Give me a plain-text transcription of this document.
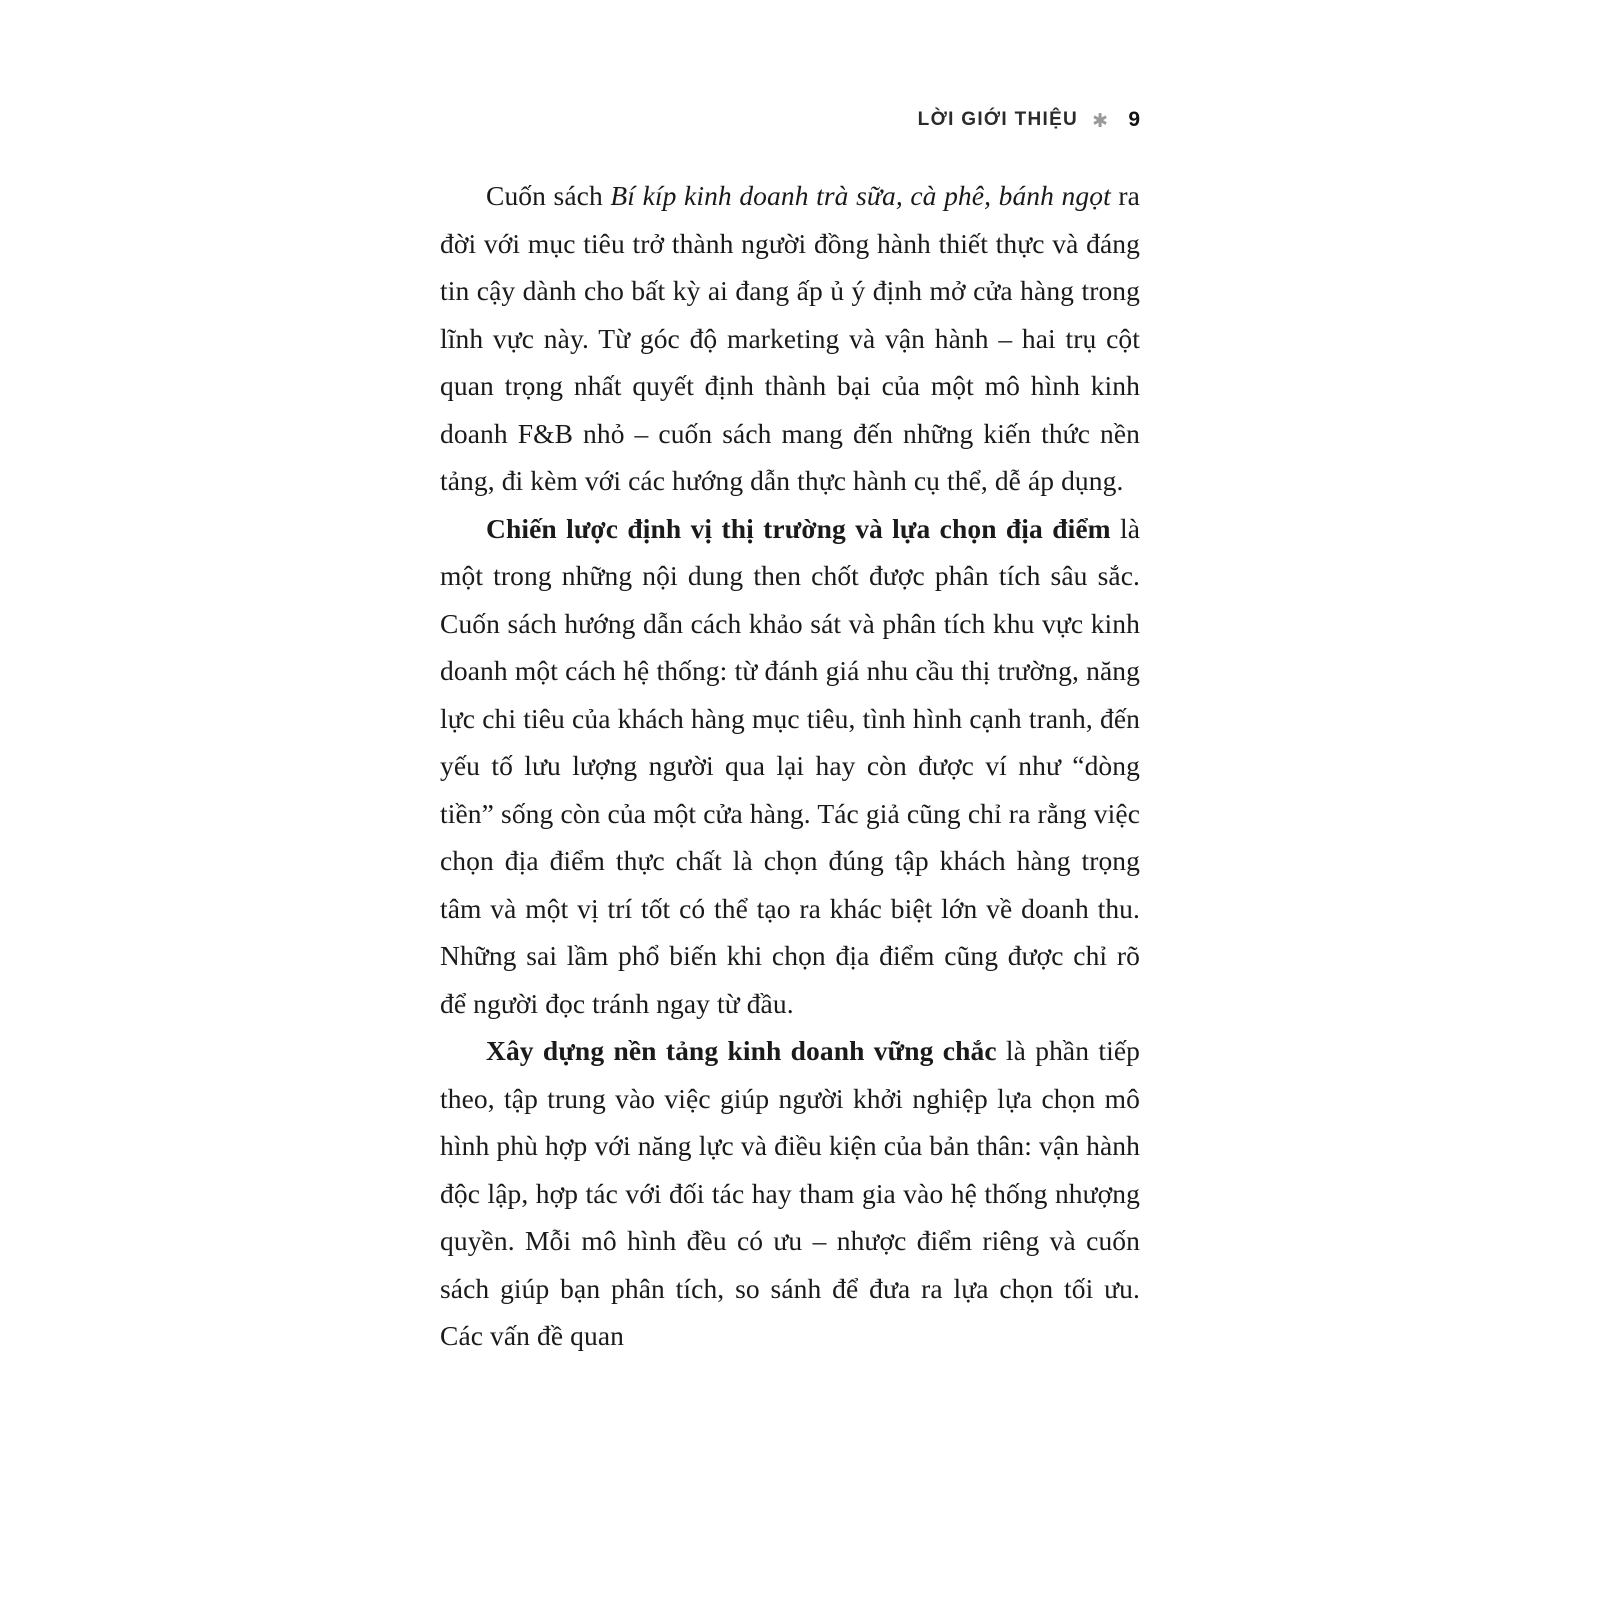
LỜI GIỚI THIỆU ✱ 9

Cuốn sách Bí kíp kinh doanh trà sữa, cà phê, bánh ngọt ra đời với mục tiêu trở thành người đồng hành thiết thực và đáng tin cậy dành cho bất kỳ ai đang ấp ủ ý định mở cửa hàng trong lĩnh vực này. Từ góc độ marketing và vận hành – hai trụ cột quan trọng nhất quyết định thành bại của một mô hình kinh doanh F&B nhỏ – cuốn sách mang đến những kiến thức nền tảng, đi kèm với các hướng dẫn thực hành cụ thể, dễ áp dụng.

Chiến lược định vị thị trường và lựa chọn địa điểm là một trong những nội dung then chốt được phân tích sâu sắc. Cuốn sách hướng dẫn cách khảo sát và phân tích khu vực kinh doanh một cách hệ thống: từ đánh giá nhu cầu thị trường, năng lực chi tiêu của khách hàng mục tiêu, tình hình cạnh tranh, đến yếu tố lưu lượng người qua lại hay còn được ví như “dòng tiền” sống còn của một cửa hàng. Tác giả cũng chỉ ra rằng việc chọn địa điểm thực chất là chọn đúng tập khách hàng trọng tâm và một vị trí tốt có thể tạo ra khác biệt lớn về doanh thu. Những sai lầm phổ biến khi chọn địa điểm cũng được chỉ rõ để người đọc tránh ngay từ đầu.

Xây dựng nền tảng kinh doanh vững chắc là phần tiếp theo, tập trung vào việc giúp người khởi nghiệp lựa chọn mô hình phù hợp với năng lực và điều kiện của bản thân: vận hành độc lập, hợp tác với đối tác hay tham gia vào hệ thống nhượng quyền. Mỗi mô hình đều có ưu – nhược điểm riêng và cuốn sách giúp bạn phân tích, so sánh để đưa ra lựa chọn tối ưu. Các vấn đề quan
